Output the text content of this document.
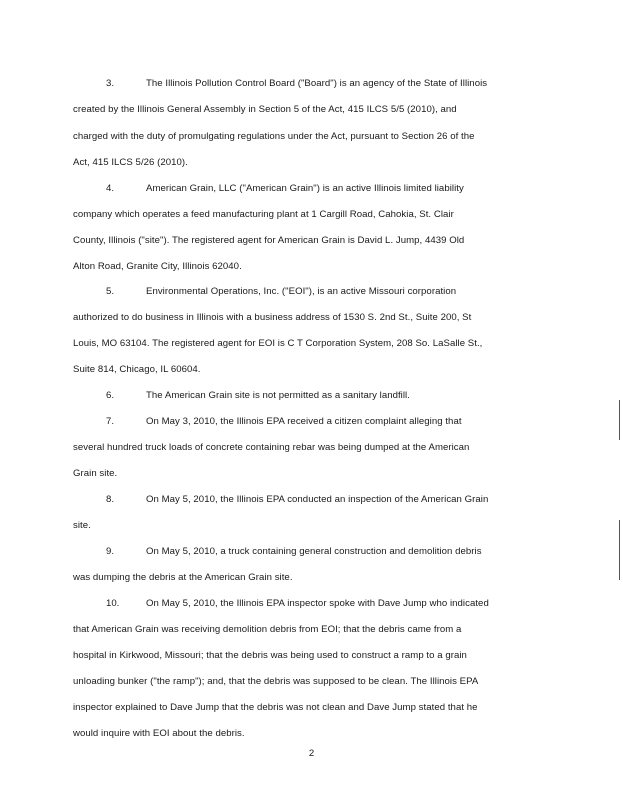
3.	The Illinois Pollution Control Board ("Board") is an agency of the State of Illinois
created by the Illinois General Assembly in Section 5 of the Act, 415 ILCS 5/5 (2010), and
charged with the duty of promulgating regulations under the Act, pursuant to Section 26 of the
Act, 415 ILCS 5/26 (2010).
4.	American Grain, LLC ("American Grain") is an active Illinois limited liability
company which operates a feed manufacturing plant at 1 Cargill Road, Cahokia, St. Clair
County, Illinois ("site"). The registered agent for American Grain is David L. Jump, 4439 Old
Alton Road, Granite City, Illinois 62040.
5.	Environmental Operations, Inc. ("EOI"), is an active Missouri corporation
authorized to do business in Illinois with a business address of 1530 S. 2nd St., Suite 200, St
Louis, MO 63104. The registered agent for EOI is C T Corporation System, 208 So. LaSalle St.,
Suite 814, Chicago, IL 60604.
6.	The American Grain site is not permitted as a sanitary landfill.
7.	On May 3, 2010, the Illinois EPA received a citizen complaint alleging that
several hundred truck loads of concrete containing rebar was being dumped at the American
Grain site.
8.	On May 5, 2010, the Illinois EPA conducted an inspection of the American Grain
site.
9.	On May 5, 2010, a truck containing general construction and demolition debris
was dumping the debris at the American Grain site.
10.	On May 5, 2010, the Illinois EPA inspector spoke with Dave Jump who indicated
that American Grain was receiving demolition debris from EOI; that the debris came from a
hospital in Kirkwood, Missouri; that the debris was being used to construct a ramp to a grain
unloading bunker ("the ramp"); and, that the debris was supposed to be clean. The Illinois EPA
inspector explained to Dave Jump that the debris was not clean and Dave Jump stated that he
would inquire with EOI about the debris.
2
